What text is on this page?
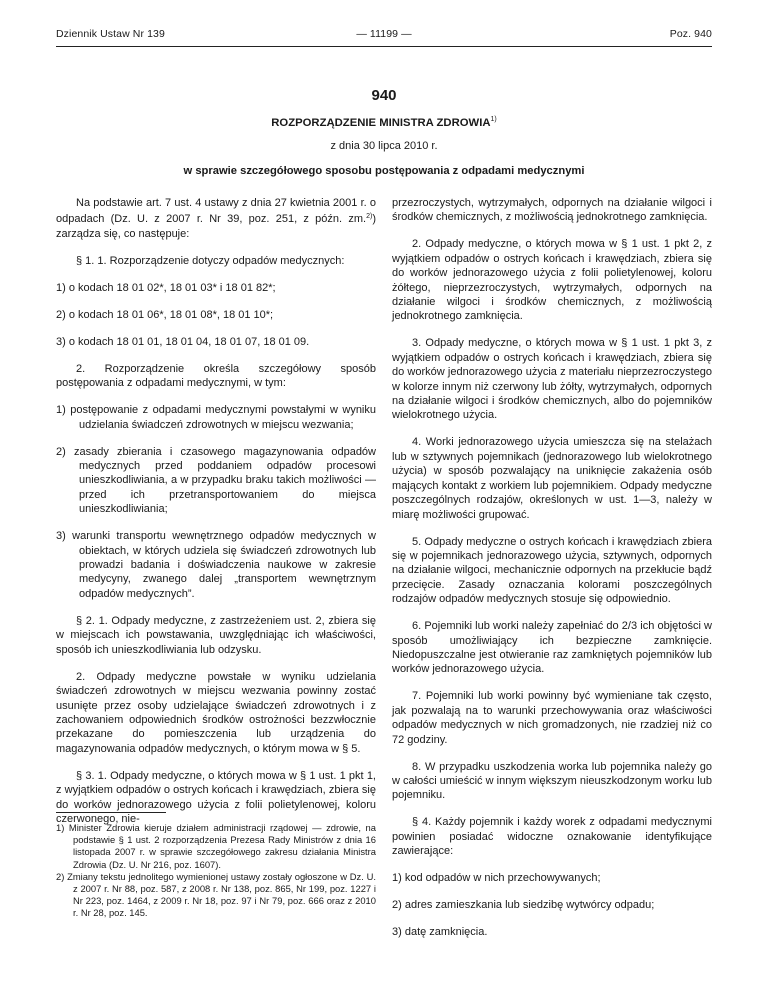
Dziennik Ustaw Nr 139	— 11199 —	Poz. 940
940
ROZPORZĄDZENIE MINISTRA ZDROWIA$^{1)}$
z dnia 30 lipca 2010 r.
w sprawie szczegółowego sposobu postępowania z odpadami medycznymi

Na podstawie art. 7 ust. 4 ustawy z dnia 27 kwietnia 2001 r. o odpadach (Dz. U. z 2007 r. Nr 39, poz. 251, z późn. zm.$^{2)}$) zarządza się, co następuje:

§ 1. 1. Rozporządzenie dotyczy odpadów medycznych:

1) o kodach 18 01 02*, 18 01 03* i 18 01 82*;

2) o kodach 18 01 06*, 18 01 08*, 18 01 10*;

3) o kodach 18 01 01, 18 01 04, 18 01 07, 18 01 09.

2. Rozporządzenie określa szczegółowy sposób postępowania z odpadami medycznymi, w tym:

1) postępowanie z odpadami medycznymi powstałymi w wyniku udzielania świadczeń zdrowotnych w miejscu wezwania;

2) zasady zbierania i czasowego magazynowania odpadów medycznych przed poddaniem odpadów procesowi unieszkodliwiania, a w przypadku braku takich możliwości — przed ich przetransportowaniem do miejsca unieszkodliwiania;

3) warunki transportu wewnętrznego odpadów medycznych w obiektach, w których udziela się świadczeń zdrowotnych lub prowadzi badania i doświadczenia naukowe w zakresie medycyny, zwanego dalej „transportem wewnętrznym odpadów medycznych”.

§ 2. 1. Odpady medyczne, z zastrzeżeniem ust. 2, zbiera się w miejscach ich powstawania, uwzględniając ich właściwości, sposób ich unieszkodliwiania lub odzysku.

2. Odpady medyczne powstałe w wyniku udzielania świadczeń zdrowotnych w miejscu wezwania powinny zostać usunięte przez osoby udzielające świadczeń zdrowotnych i z zachowaniem odpowiednich środków ostrożności bezzwłocznie przekazane do pomieszczenia lub urządzenia do magazynowania odpadów medycznych, o którym mowa w § 5.

§ 3. 1. Odpady medyczne, o których mowa w § 1 ust. 1 pkt 1, z wyjątkiem odpadów o ostrych końcach i krawędziach, zbiera się do worków jednorazowego użycia z folii polietylenowej, koloru czerwonego, nie-

1) Minister Zdrowia kieruje działem administracji rządowej — zdrowie, na podstawie § 1 ust. 2 rozporządzenia Prezesa Rady Ministrów z dnia 16 listopada 2007 r. w sprawie szczegółowego zakresu działania Ministra Zdrowia (Dz. U. Nr 216, poz. 1607).

2) Zmiany tekstu jednolitego wymienionej ustawy zostały ogłoszone w Dz. U. z 2007 r. Nr 88, poz. 587, z 2008 r. Nr 138, poz. 865, Nr 199, poz. 1227 i Nr 223, poz. 1464, z 2009 r. Nr 18, poz. 97 i Nr 79, poz. 666 oraz z 2010 r. Nr 28, poz. 145.

przezroczystych, wytrzymałych, odpornych na działanie wilgoci i środków chemicznych, z możliwością jednokrotnego zamknięcia.

2. Odpady medyczne, o których mowa w § 1 ust. 1 pkt 2, z wyjątkiem odpadów o ostrych końcach i krawędziach, zbiera się do worków jednorazowego użycia z folii polietylenowej, koloru żółtego, nieprzezroczystych, wytrzymałych, odpornych na działanie wilgoci i środków chemicznych, z możliwością jednokrotnego zamknięcia.

3. Odpady medyczne, o których mowa w § 1 ust. 1 pkt 3, z wyjątkiem odpadów o ostrych końcach i krawędziach, zbiera się do worków jednorazowego użycia z materiału nieprzezroczystego w kolorze innym niż czerwony lub żółty, wytrzymałych, odpornych na działanie wilgoci i środków chemicznych, albo do pojemników wielokrotnego użycia.

4. Worki jednorazowego użycia umieszcza się na stelażach lub w sztywnych pojemnikach (jednorazowego lub wielokrotnego użycia) w sposób pozwalający na uniknięcie zakażenia osób mających kontakt z workiem lub pojemnikiem. Odpady medyczne poszczególnych rodzajów, określonych w ust. 1—3, należy w miarę możliwości grupować.

5. Odpady medyczne o ostrych końcach i krawędziach zbiera się w pojemnikach jednorazowego użycia, sztywnych, odpornych na działanie wilgoci, mechanicznie odpornych na przekłucie bądź przecięcie. Zasady oznaczania kolorami poszczególnych rodzajów odpadów medycznych stosuje się odpowiednio.

6. Pojemniki lub worki należy zapełniać do 2/3 ich objętości w sposób umożliwiający ich bezpieczne zamknięcie. Niedopuszczalne jest otwieranie raz zamkniętych pojemników lub worków jednorazowego użycia.

7. Pojemniki lub worki powinny być wymieniane tak często, jak pozwalają na to warunki przechowywania oraz właściwości odpadów medycznych w nich gromadzonych, nie rzadziej niż co 72 godziny.

8. W przypadku uszkodzenia worka lub pojemnika należy go w całości umieścić w innym większym nieuszkodzonym worku lub pojemniku.

§ 4. Każdy pojemnik i każdy worek z odpadami medycznymi powinien posiadać widoczne oznakowanie identyfikujące zawierające:

1) kod odpadów w nich przechowywanych;

2) adres zamieszkania lub siedzibę wytwórcy odpadu;

3) datę zamknięcia.
